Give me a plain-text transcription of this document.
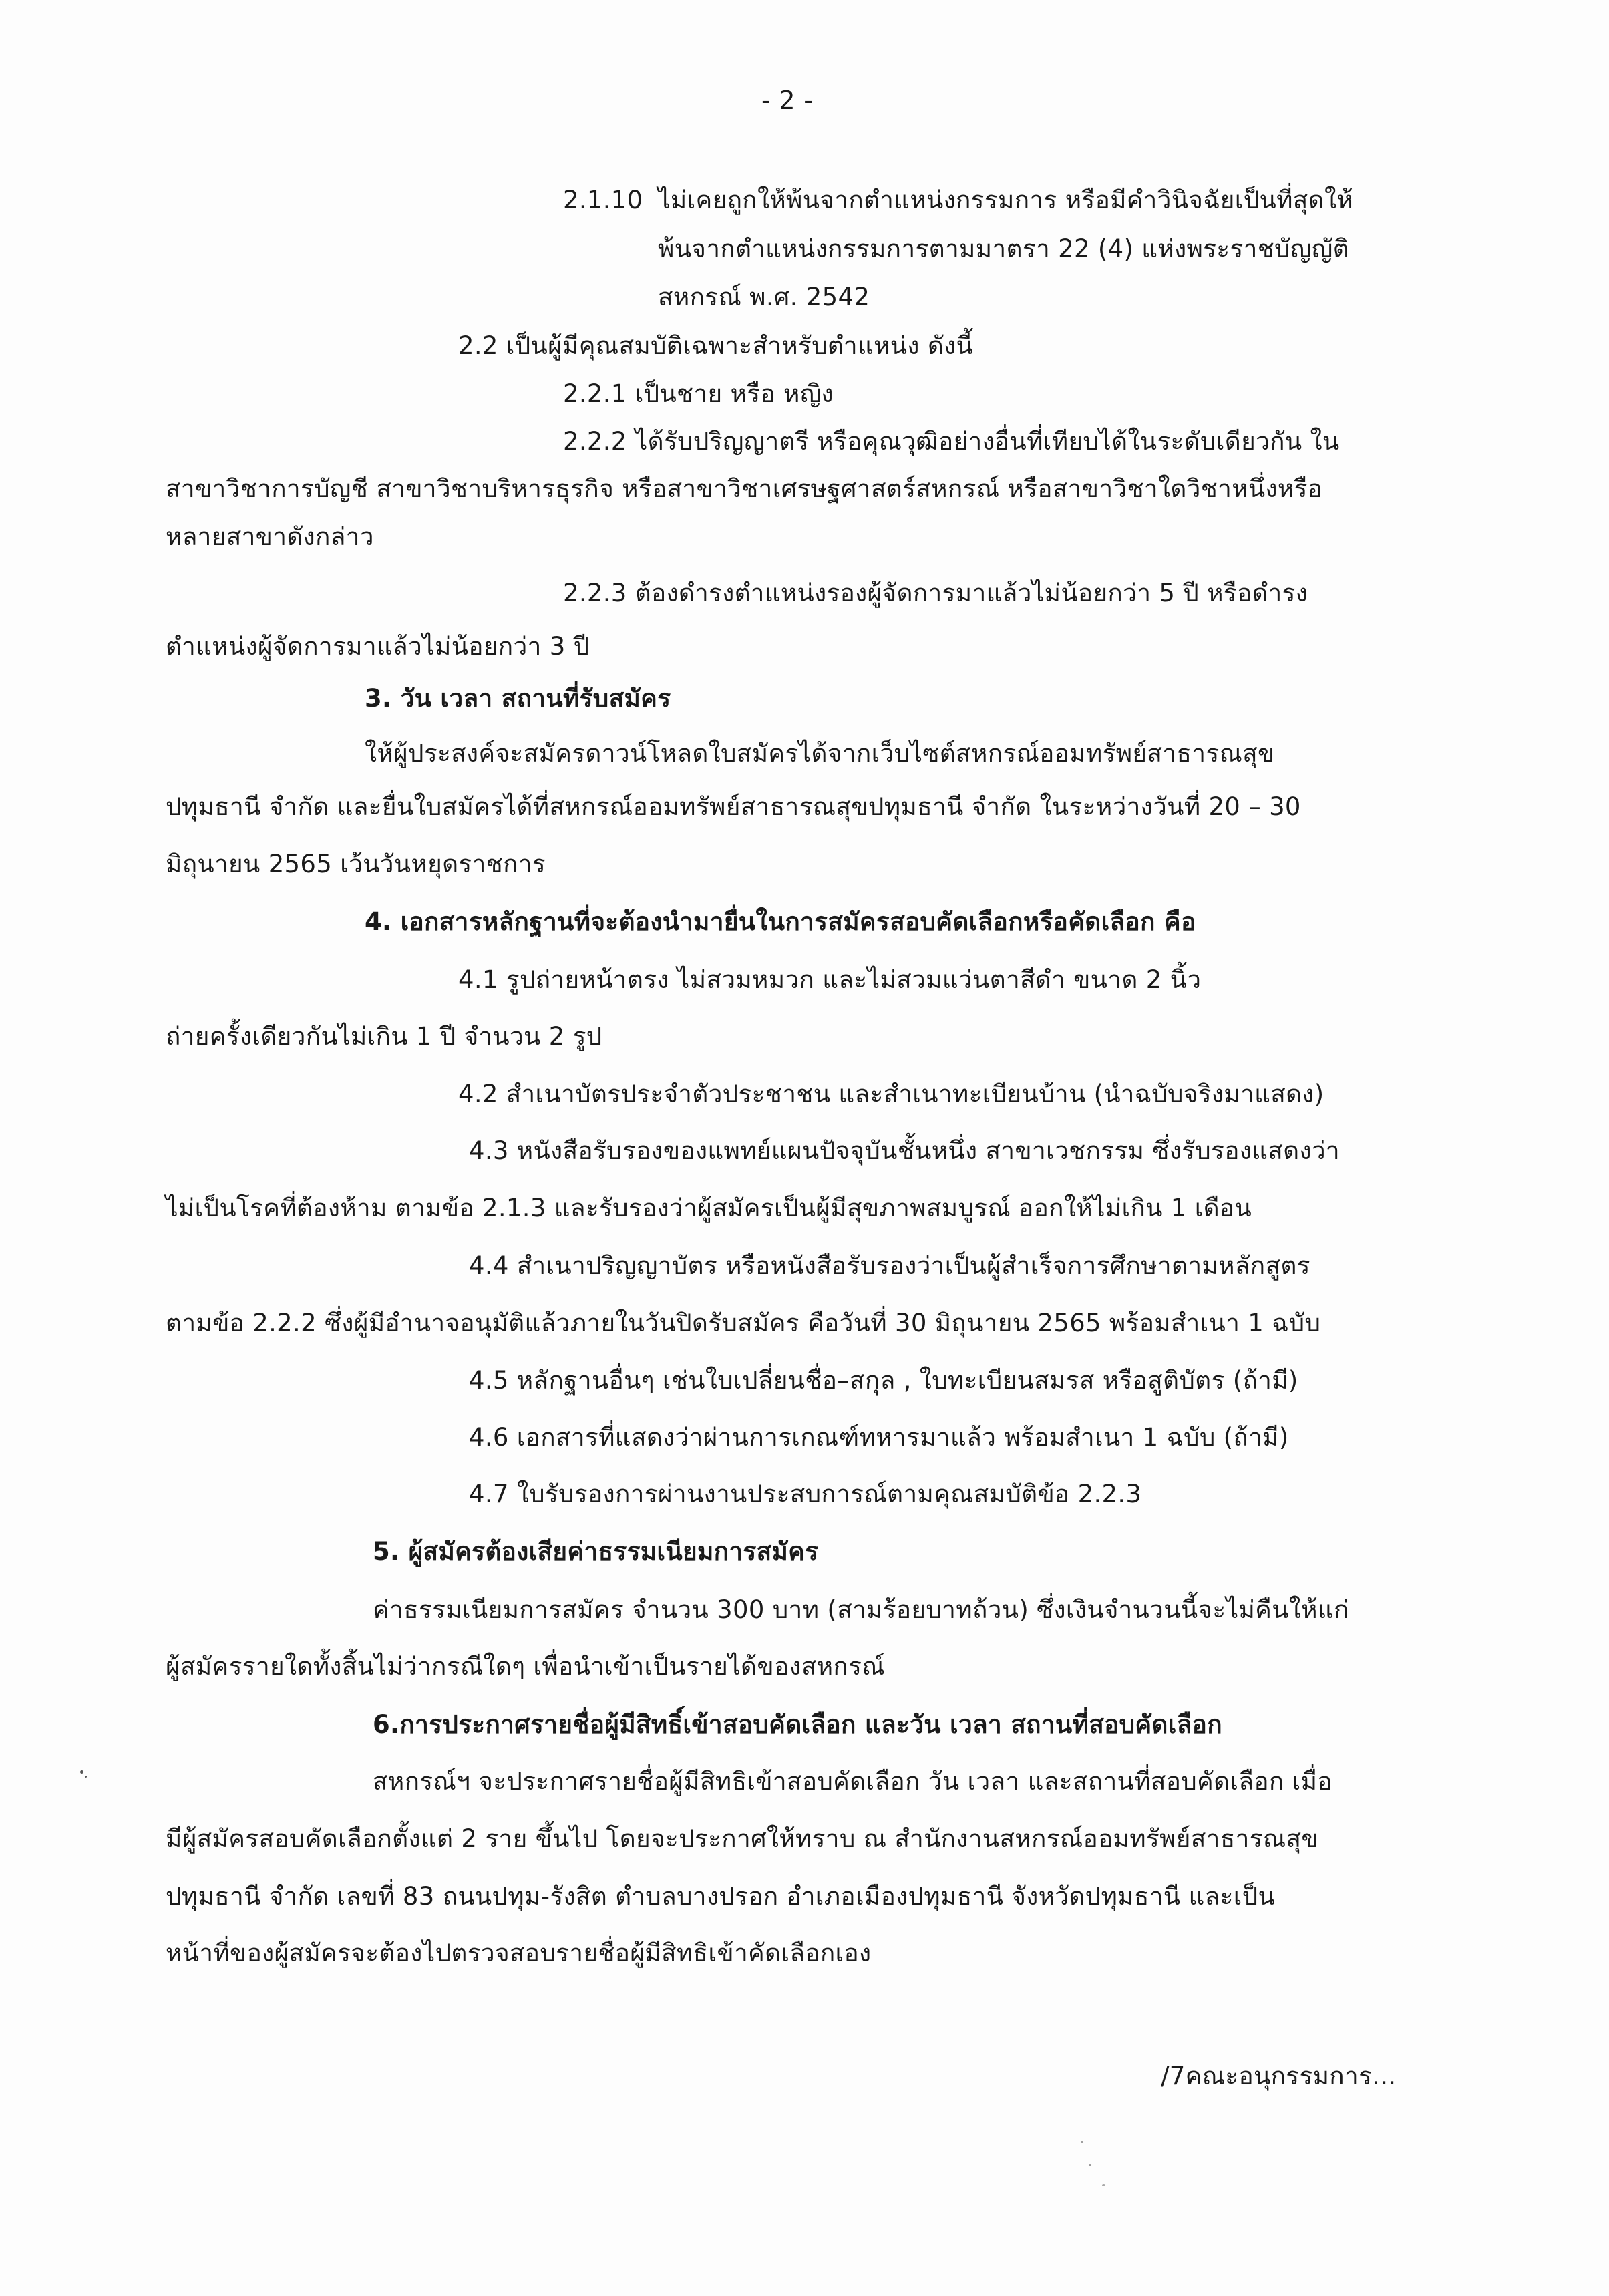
- 2 -
2.1.10 ไม่เคยถูกให้พ้นจากตำแหน่งกรรมการ หรือมีคำวินิจฉัยเป็นที่สุดให้
พ้นจากตำแหน่งกรรมการตามมาตรา 22 (4) แห่งพระราชบัญญัติ
สหกรณ์ พ.ศ. 2542
2.2 เป็นผู้มีคุณสมบัติเฉพาะสำหรับตำแหน่ง ดังนี้
2.2.1 เป็นชาย หรือ หญิง
2.2.2 ได้รับปริญญาตรี หรือคุณวุฒิอย่างอื่นที่เทียบได้ในระดับเดียวกัน ใน
สาขาวิชาการบัญชี สาขาวิชาบริหารธุรกิจ หรือสาขาวิชาเศรษฐศาสตร์สหกรณ์ หรือสาขาวิชาใดวิชาหนึ่งหรือ
หลายสาขาดังกล่าว
2.2.3 ต้องดำรงตำแหน่งรองผู้จัดการมาแล้วไม่น้อยกว่า 5 ปี หรือดำรง
ตำแหน่งผู้จัดการมาแล้วไม่น้อยกว่า 3 ปี
3. วัน เวลา สถานที่รับสมัคร
ให้ผู้ประสงค์จะสมัครดาวน์โหลดใบสมัครได้จากเว็บไซต์สหกรณ์ออมทรัพย์สาธารณสุข
ปทุมธานี จำกัด และยื่นใบสมัครได้ที่สหกรณ์ออมทรัพย์สาธารณสุขปทุมธานี จำกัด ในระหว่างวันที่ 20 – 30
มิถุนายน 2565 เว้นวันหยุดราชการ
4. เอกสารหลักฐานที่จะต้องนำมายื่นในการสมัครสอบคัดเลือกหรือคัดเลือก คือ
4.1 รูปถ่ายหน้าตรง ไม่สวมหมวก และไม่สวมแว่นตาสีดำ ขนาด 2 นิ้ว
ถ่ายครั้งเดียวกันไม่เกิน 1 ปี จำนวน 2 รูป
4.2 สำเนาบัตรประจำตัวประชาชน และสำเนาทะเบียนบ้าน (นำฉบับจริงมาแสดง)
4.3 หนังสือรับรองของแพทย์แผนปัจจุบันชั้นหนึ่ง สาขาเวชกรรม ซึ่งรับรองแสดงว่า
ไม่เป็นโรคที่ต้องห้าม ตามข้อ 2.1.3 และรับรองว่าผู้สมัครเป็นผู้มีสุขภาพสมบูรณ์ ออกให้ไม่เกิน 1 เดือน
4.4 สำเนาปริญญาบัตร หรือหนังสือรับรองว่าเป็นผู้สำเร็จการศึกษาตามหลักสูตร
ตามข้อ 2.2.2 ซึ่งผู้มีอำนาจอนุมัติแล้วภายในวันปิดรับสมัคร คือวันที่ 30 มิถุนายน 2565 พร้อมสำเนา 1 ฉบับ
4.5 หลักฐานอื่นๆ เช่นใบเปลี่ยนชื่อ–สกุล , ใบทะเบียนสมรส หรือสูติบัตร (ถ้ามี)
4.6 เอกสารที่แสดงว่าผ่านการเกณฑ์ทหารมาแล้ว พร้อมสำเนา 1 ฉบับ (ถ้ามี)
4.7 ใบรับรองการผ่านงานประสบการณ์ตามคุณสมบัติข้อ 2.2.3
5. ผู้สมัครต้องเสียค่าธรรมเนียมการสมัคร
ค่าธรรมเนียมการสมัคร จำนวน 300 บาท (สามร้อยบาทถ้วน) ซึ่งเงินจำนวนนี้จะไม่คืนให้แก่
ผู้สมัครรายใดทั้งสิ้นไม่ว่ากรณีใดๆ เพื่อนำเข้าเป็นรายได้ของสหกรณ์
6.การประกาศรายชื่อผู้มีสิทธิ์เข้าสอบคัดเลือก และวัน เวลา สถานที่สอบคัดเลือก
สหกรณ์ฯ จะประกาศรายชื่อผู้มีสิทธิเข้าสอบคัดเลือก วัน เวลา และสถานที่สอบคัดเลือก เมื่อ
มีผู้สมัครสอบคัดเลือกตั้งแต่ 2 ราย ขึ้นไป โดยจะประกาศให้ทราบ ณ สำนักงานสหกรณ์ออมทรัพย์สาธารณสุข
ปทุมธานี จำกัด เลขที่ 83 ถนนปทุม-รังสิต ตำบลบางปรอก อำเภอเมืองปทุมธานี จังหวัดปทุมธานี และเป็น
หน้าที่ของผู้สมัครจะต้องไปตรวจสอบรายชื่อผู้มีสิทธิเข้าคัดเลือกเอง
/7คณะอนุกรรมการ...
